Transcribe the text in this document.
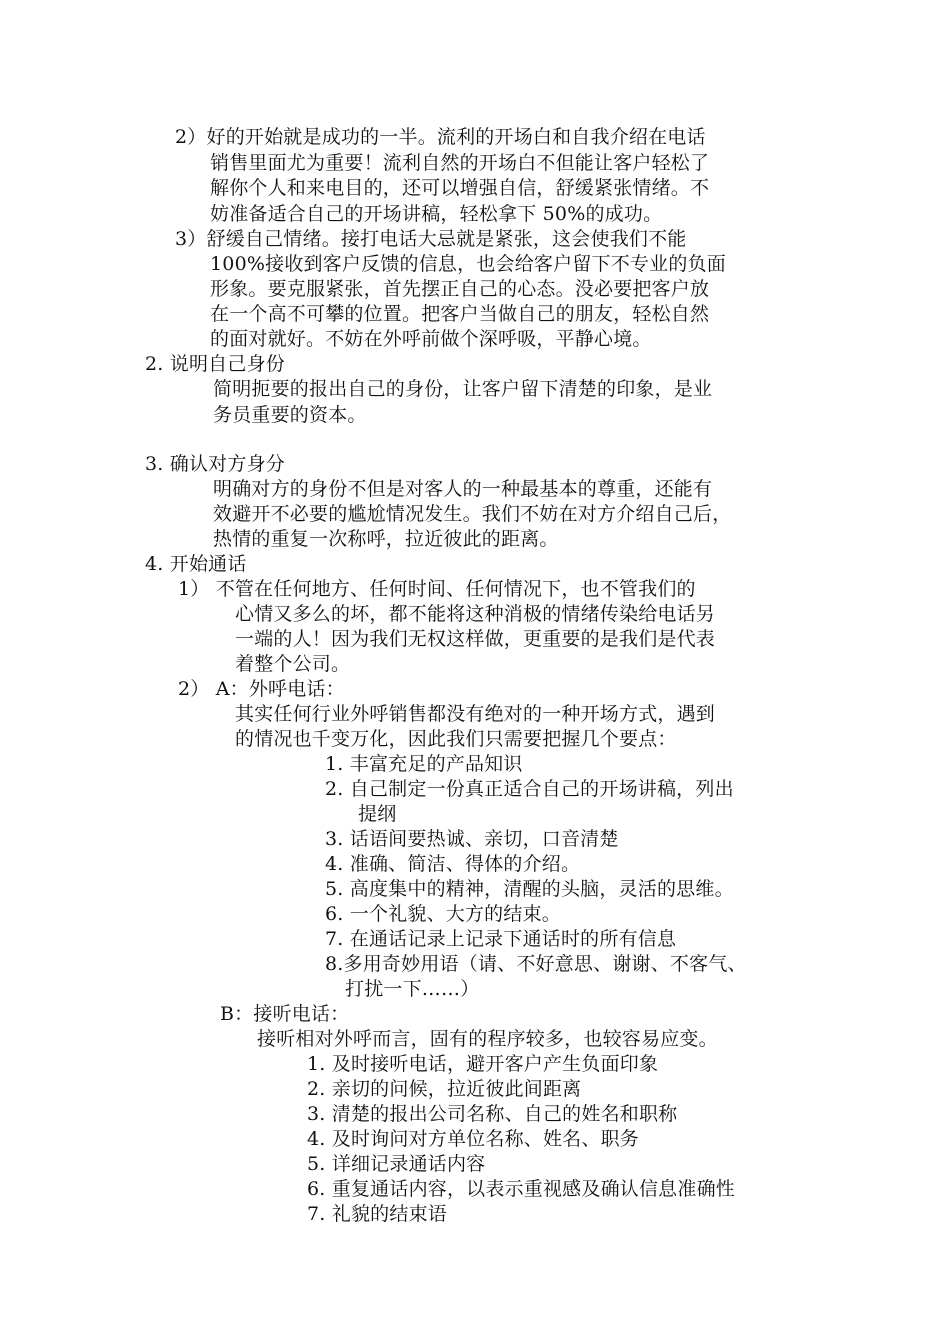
2）好的开始就是成功的一半。流利的开场白和自我介绍在电话
销售里面尤为重要！流利自然的开场白不但能让客户轻松了
解你个人和来电目的，还可以增强自信，舒缓紧张情绪。不
妨准备适合自己的开场讲稿，轻松拿下 50%的成功。
3）舒缓自己情绪。接打电话大忌就是紧张，这会使我们不能
100%接收到客户反馈的信息，也会给客户留下不专业的负面
形象。要克服紧张，首先摆正自己的心态。没必要把客户放
在一个高不可攀的位置。把客户当做自己的朋友，轻松自然
的面对就好。不妨在外呼前做个深呼吸，平静心境。
2. 说明自己身份
简明扼要的报出自己的身份，让客户留下清楚的印象，是业
务员重要的资本。
3. 确认对方身分
明确对方的身份不但是对客人的一种最基本的尊重，还能有
效避开不必要的尴尬情况发生。我们不妨在对方介绍自己后，
热情的重复一次称呼，拉近彼此的距离。
4. 开始通话
1） 不管在任何地方、任何时间、任何情况下，也不管我们的
心情又多么的坏，都不能将这种消极的情绪传染给电话另
一端的人！因为我们无权这样做，更重要的是我们是代表
着整个公司。
2） A：外呼电话：
其实任何行业外呼销售都没有绝对的一种开场方式，遇到
的情况也千变万化，因此我们只需要把握几个要点：
1. 丰富充足的产品知识
2. 自己制定一份真正适合自己的开场讲稿，列出
提纲
3. 话语间要热诚、亲切，口音清楚
4. 准确、简洁、得体的介绍。
5. 高度集中的精神，清醒的头脑，灵活的思维。
6. 一个礼貌、大方的结束。
7. 在通话记录上记录下通话时的所有信息
8.多用奇妙用语（请、不好意思、谢谢、不客气、
打扰一下……）
B：接听电话：
接听相对外呼而言，固有的程序较多，也较容易应变。
1. 及时接听电话，避开客户产生负面印象
2. 亲切的问候，拉近彼此间距离
3. 清楚的报出公司名称、自己的姓名和职称
4. 及时询问对方单位名称、姓名、职务
5. 详细记录通话内容
6. 重复通话内容，以表示重视感及确认信息准确性
7. 礼貌的结束语
